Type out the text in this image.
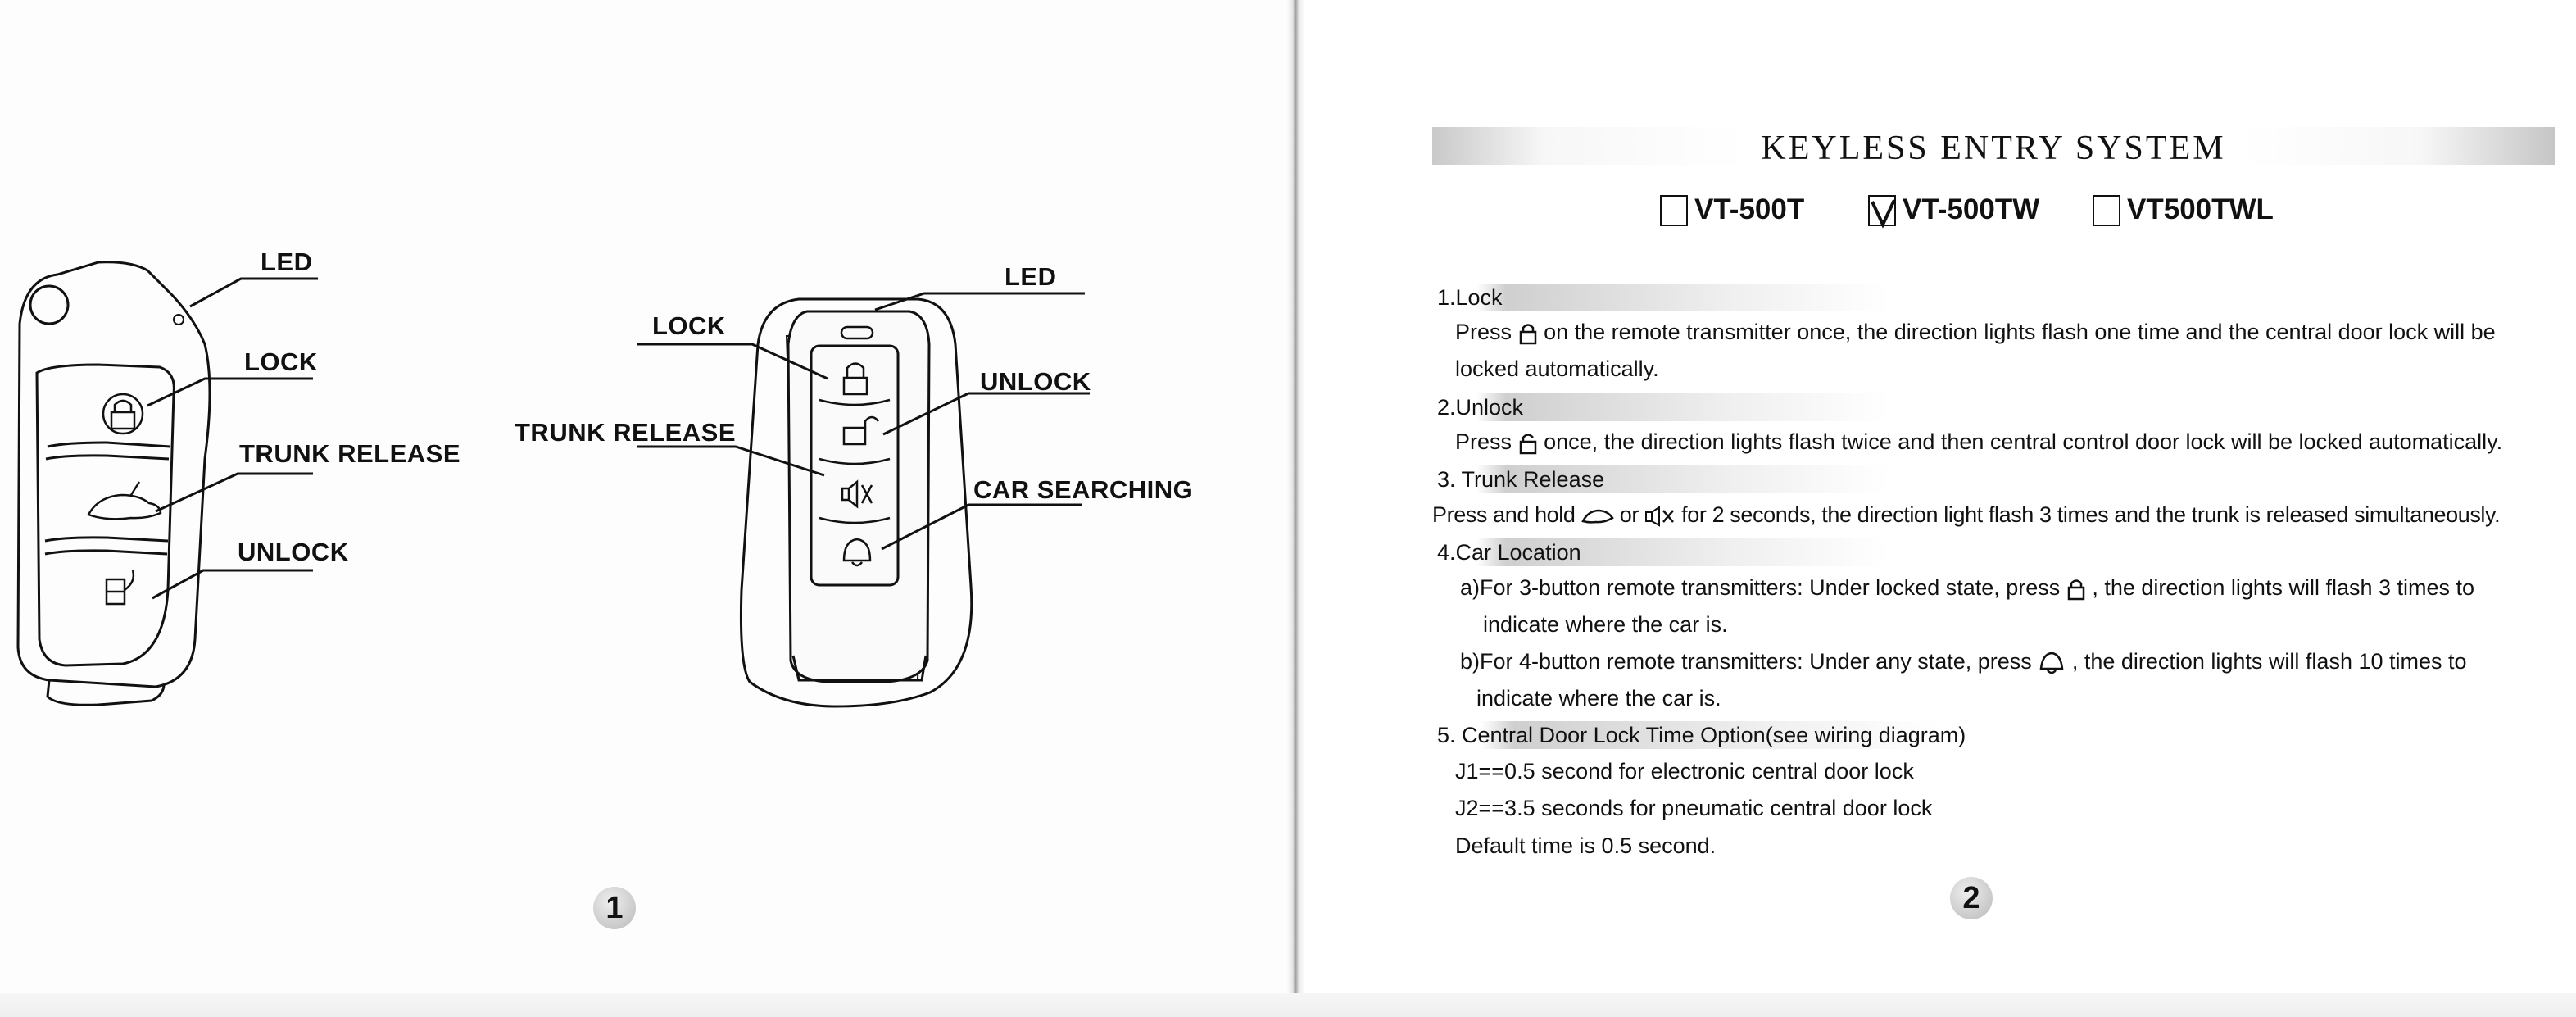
LED
LOCK
TRUNK RELEASE
UNLOCK
LED
LOCK
UNLOCK
TRUNK RELEASE
CAR SEARCHING
1
KEYLESS ENTRY SYSTEM
VT-500T	VT-500TW	VT500TWL
1.Lock
Press on the remote transmitter once, the direction lights flash one time and the central door lock will be
locked automatically.
2.Unlock
Press once, the direction lights flash twice and then central control door lock will be locked automatically.
3. Trunk Release
Press and hold or for 2 seconds, the direction light flash 3 times and the trunk is released simultaneously.
4.Car Location
a)For 3-button remote transmitters: Under locked state, press , the direction lights will flash 3 times to
indicate where the car is.
b)For 4-button remote transmitters: Under any state, press , the direction lights will flash 10 times to
indicate where the car is.
5. Central Door Lock Time Option(see wiring diagram)
J1==0.5 second for electronic central door lock
J2==3.5 seconds for pneumatic central door lock
Default time is 0.5 second.
2
